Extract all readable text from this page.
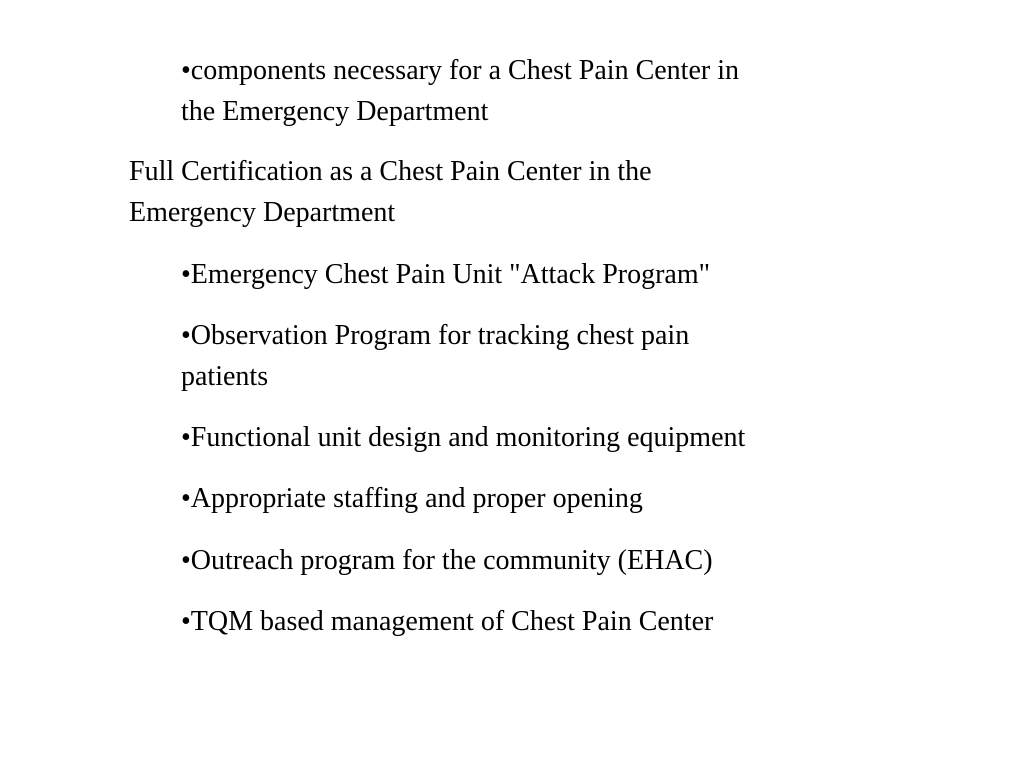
•components necessary for a Chest Pain Center in

the Emergency Department

Full Certification as a Chest Pain Center in the

Emergency Department

•Emergency Chest Pain Unit "Attack Program"

•Observation Program for tracking chest pain

patients

•Functional unit design and monitoring equipment

•Appropriate staffing and proper opening

•Outreach program for the community (EHAC)

•TQM based management of Chest Pain Center
